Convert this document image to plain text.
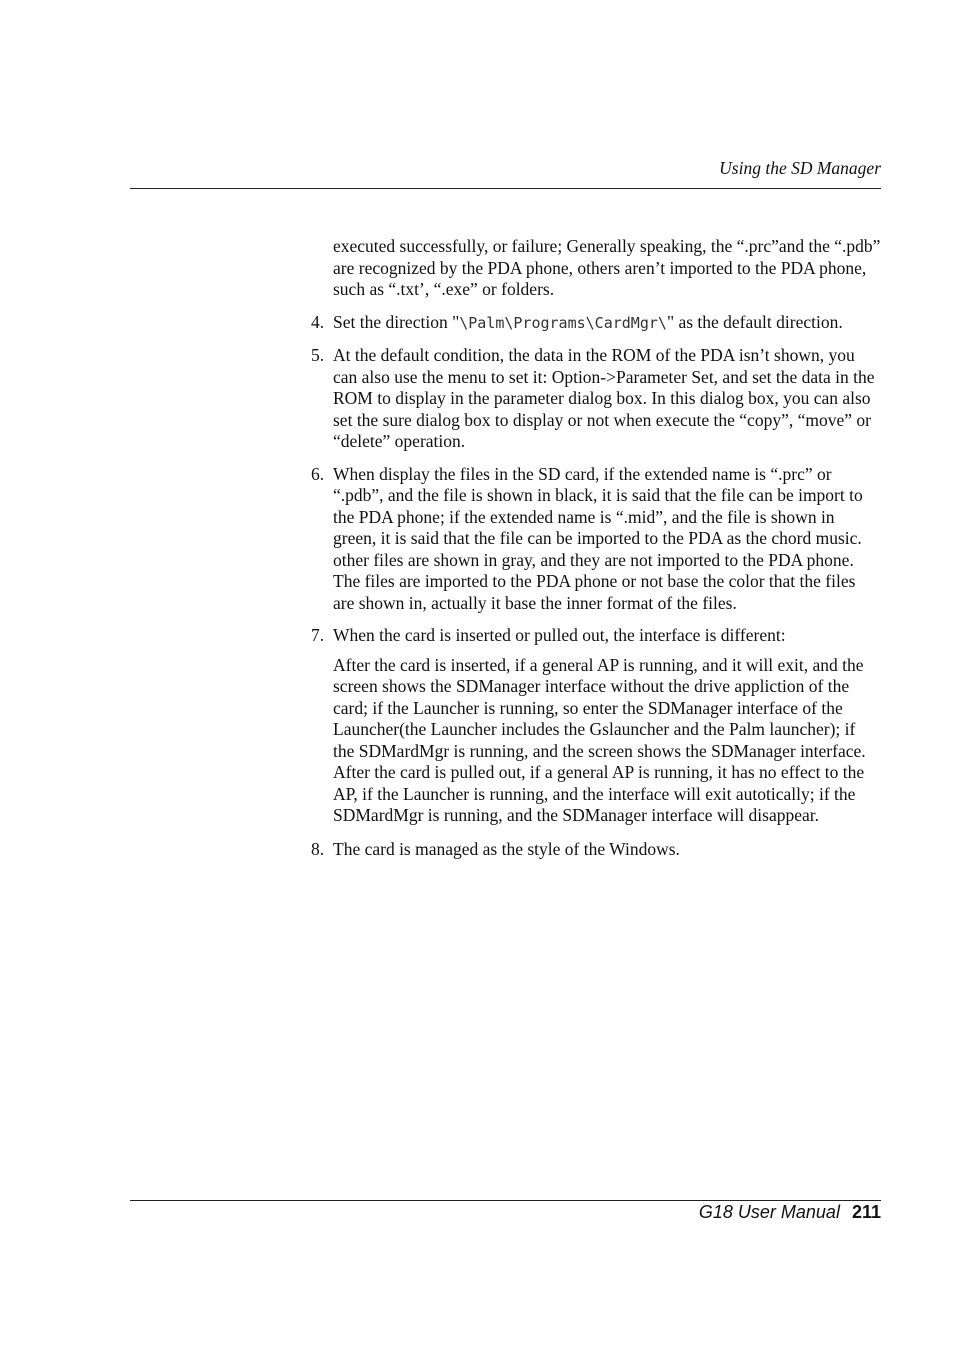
Using the SD Manager

executed successfully, or failure; Generally speaking, the “.prc”and the “.pdb” are recognized by the PDA phone, others aren’t imported to the PDA phone, such as “.txt’, “.exe” or folders.

4. Set the direction "\Palm\Programs\CardMgr\" as the default direction.

5. At the default condition, the data in the ROM of the PDA isn’t shown, you can also use the menu to set it: Option->Parameter Set, and set the data in the ROM to display in the parameter dialog box. In this dialog box, you can also set the sure dialog box to display or not when execute the “copy”, “move” or “delete” operation.

6. When display the files in the SD card, if the extended name is “.prc” or “.pdb”, and the file is shown in black, it is said that the file can be import to the PDA phone; if the extended name is “.mid”, and the file is shown in green, it is said that the file can be imported to the PDA as the chord music. other files are shown in gray, and they are not imported to the PDA phone. The files are imported to the PDA phone or not base the color that the files are shown in, actually it base the inner format of the files.

7. When the card is inserted or pulled out, the interface is different:

After the card is inserted, if a general AP is running, and it will exit, and the screen shows the SDManager interface without the drive appliction of the card; if the Launcher is running, so enter the SDManager interface of the Launcher(the Launcher includes the Gslauncher and the Palm launcher); if the SDMardMgr is running, and the screen shows the SDManager interface. After the card is pulled out, if a general AP is running, it has no effect to the AP, if the Launcher is running, and the interface will exit autotically; if the SDMardMgr is running, and the SDManager interface will disappear.

8. The card is managed as the style of the Windows.

G18 User Manual 211
